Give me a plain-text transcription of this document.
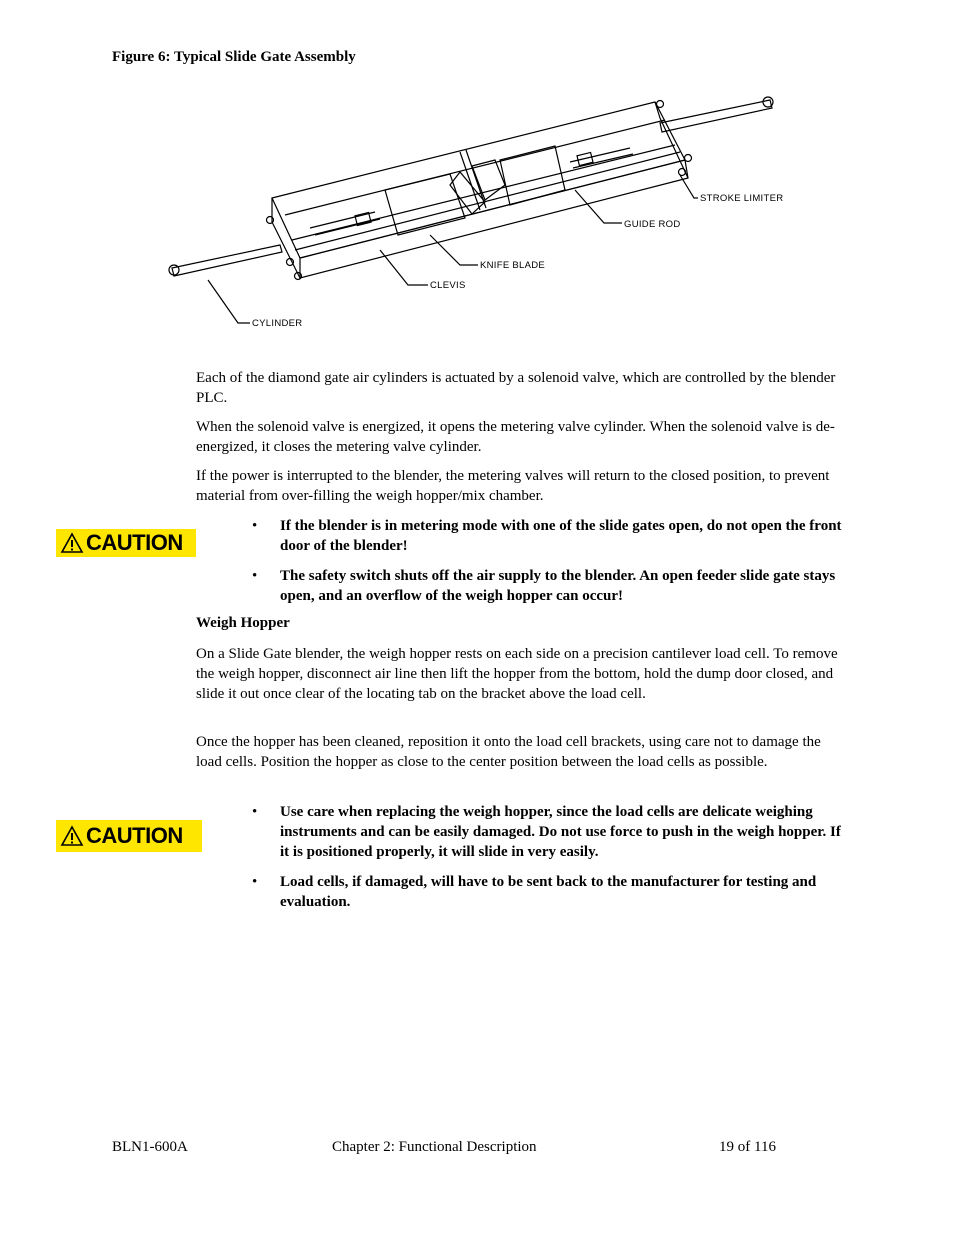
Figure 6: Typical Slide Gate Assembly
STROKE LIMITER
GUIDE ROD
KNIFE BLADE
CLEVIS
CYLINDER

Each of the diamond gate air cylinders is actuated by a solenoid valve, which are controlled by the blender PLC.

When the solenoid valve is energized, it opens the metering valve cylinder. When the solenoid valve is de-energized, it closes the metering valve cylinder.

If the power is interrupted to the blender, the metering valves will return to the closed position, to prevent material from over-filling the weigh hopper/mix chamber.

CAUTION
•	If the blender is in metering mode with one of the slide gates open, do not open the front door of the blender!
•	The safety switch shuts off the air supply to the blender. An open feeder slide gate stays open, and an overflow of the weigh hopper can occur!
Weigh Hopper

On a Slide Gate blender, the weigh hopper rests on each side on a precision cantilever load cell. To remove the weigh hopper, disconnect air line then lift the hopper from the bottom, hold the dump door closed, and slide it out once clear of the locating tab on the bracket above the load cell.

Once the hopper has been cleaned, reposition it onto the load cell brackets, using care not to damage the load cells. Position the hopper as close to the center position between the load cells as possible.

CAUTION
•	Use care when replacing the weigh hopper, since the load cells are delicate weighing instruments and can be easily damaged. Do not use force to push in the weigh hopper. If it is positioned properly, it will slide in very easily.
•	Load cells, if damaged, will have to be sent back to the manufacturer for testing and evaluation.
BLN1-600A	Chapter 2: Functional Description	19 of 116
